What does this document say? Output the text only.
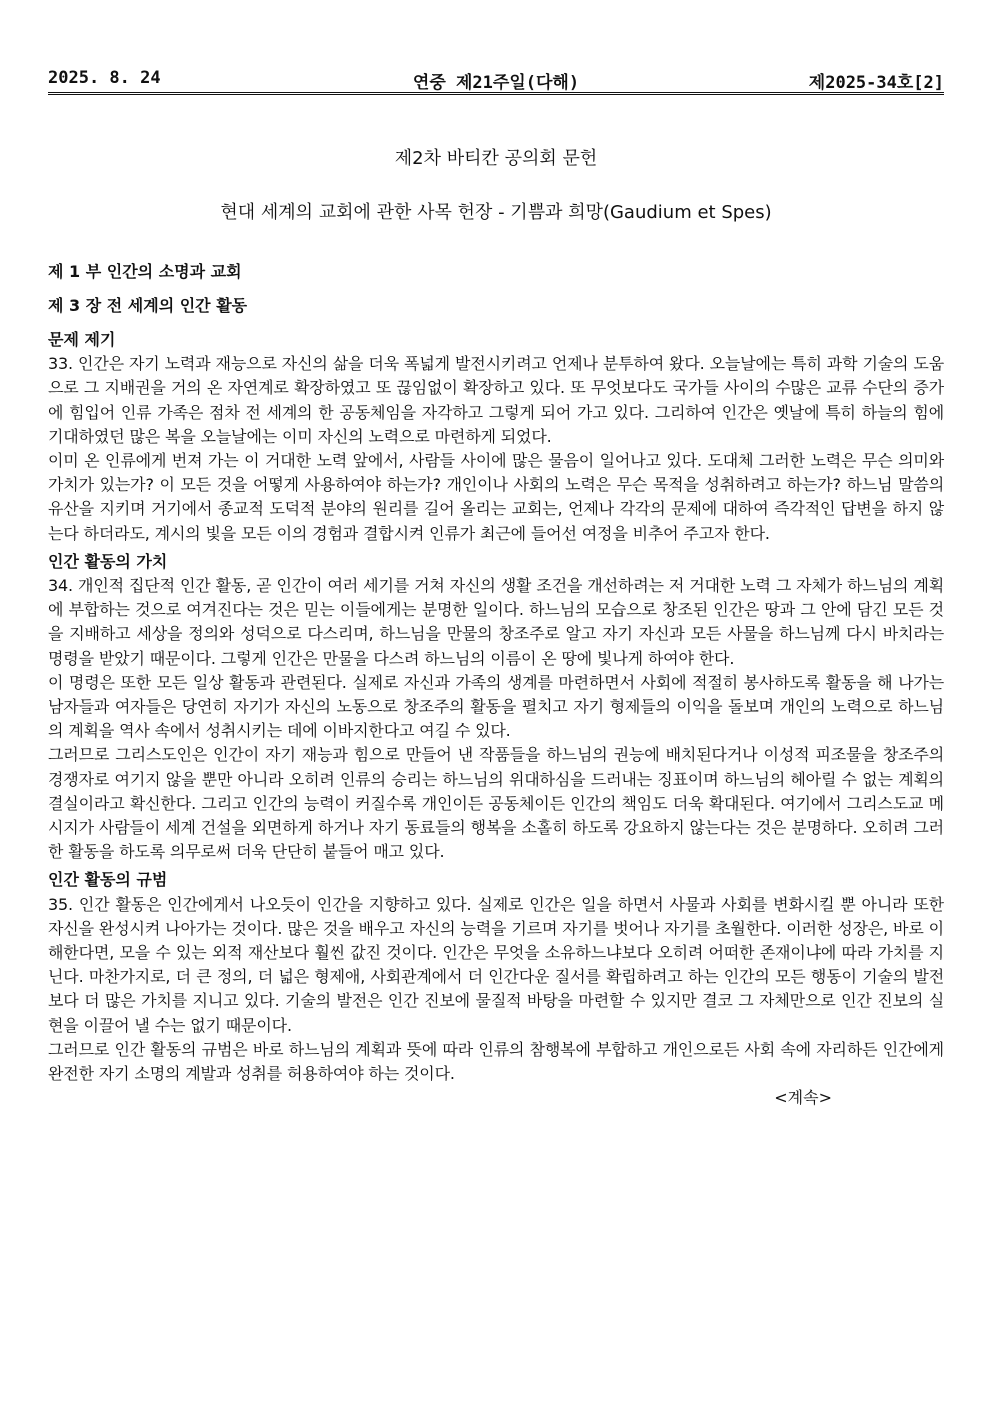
2025. 8. 24	연중 제21주일(다해)	제2025-34호[2]
제2차 바티칸 공의회 문헌
현대 세계의 교회에 관한 사목 헌장 - 기쁨과 희망(Gaudium et Spes)

제 1 부 인간의 소명과 교회

제 3 장 전 세계의 인간 활동

문제 제기

33. 인간은 자기 노력과 재능으로 자신의 삶을 더욱 폭넓게 발전시키려고 언제나 분투하여 왔다. 오늘날에는 특히 과학 기술의 도움으로 그 지배권을 거의 온 자연계로 확장하였고 또 끊임없이 확장하고 있다. 또 무엇보다도 국가들 사이의 수많은 교류 수단의 증가에 힘입어 인류 가족은 점차 전 세계의 한 공동체임을 자각하고 그렇게 되어 가고 있다. 그리하여 인간은 옛날에 특히 하늘의 힘에 기대하였던 많은 복을 오늘날에는 이미 자신의 노력으로 마련하게 되었다.

이미 온 인류에게 번져 가는 이 거대한 노력 앞에서, 사람들 사이에 많은 물음이 일어나고 있다. 도대체 그러한 노력은 무슨 의미와 가치가 있는가? 이 모든 것을 어떻게 사용하여야 하는가? 개인이나 사회의 노력은 무슨 목적을 성취하려고 하는가? 하느님 말씀의 유산을 지키며 거기에서 종교적 도덕적 분야의 원리를 길어 올리는 교회는, 언제나 각각의 문제에 대하여 즉각적인 답변을 하지 않는다 하더라도, 계시의 빛을 모든 이의 경험과 결합시켜 인류가 최근에 들어선 여정을 비추어 주고자 한다.

인간 활동의 가치

34. 개인적 집단적 인간 활동, 곧 인간이 여러 세기를 거쳐 자신의 생활 조건을 개선하려는 저 거대한 노력 그 자체가 하느님의 계획에 부합하는 것으로 여겨진다는 것은 믿는 이들에게는 분명한 일이다. 하느님의 모습으로 창조된 인간은 땅과 그 안에 담긴 모든 것을 지배하고 세상을 정의와 성덕으로 다스리며, 하느님을 만물의 창조주로 알고 자기 자신과 모든 사물을 하느님께 다시 바치라는 명령을 받았기 때문이다. 그렇게 인간은 만물을 다스려 하느님의 이름이 온 땅에 빛나게 하여야 한다.

이 명령은 또한 모든 일상 활동과 관련된다. 실제로 자신과 가족의 생계를 마련하면서 사회에 적절히 봉사하도록 활동을 해 나가는 남자들과 여자들은 당연히 자기가 자신의 노동으로 창조주의 활동을 펼치고 자기 형제들의 이익을 돌보며 개인의 노력으로 하느님의 계획을 역사 속에서 성취시키는 데에 이바지한다고 여길 수 있다.

그러므로 그리스도인은 인간이 자기 재능과 힘으로 만들어 낸 작품들을 하느님의 권능에 배치된다거나 이성적 피조물을 창조주의 경쟁자로 여기지 않을 뿐만 아니라 오히려 인류의 승리는 하느님의 위대하심을 드러내는 징표이며 하느님의 헤아릴 수 없는 계획의 결실이라고 확신한다. 그리고 인간의 능력이 커질수록 개인이든 공동체이든 인간의 책임도 더욱 확대된다. 여기에서 그리스도교 메시지가 사람들이 세계 건설을 외면하게 하거나 자기 동료들의 행복을 소홀히 하도록 강요하지 않는다는 것은 분명하다. 오히려 그러한 활동을 하도록 의무로써 더욱 단단히 붙들어 매고 있다.

인간 활동의 규범

35. 인간 활동은 인간에게서 나오듯이 인간을 지향하고 있다. 실제로 인간은 일을 하면서 사물과 사회를 변화시킬 뿐 아니라 또한 자신을 완성시켜 나아가는 것이다. 많은 것을 배우고 자신의 능력을 기르며 자기를 벗어나 자기를 초월한다. 이러한 성장은, 바로 이해한다면, 모을 수 있는 외적 재산보다 훨씬 값진 것이다. 인간은 무엇을 소유하느냐보다 오히려 어떠한 존재이냐에 따라 가치를 지닌다. 마찬가지로, 더 큰 정의, 더 넓은 형제애, 사회관계에서 더 인간다운 질서를 확립하려고 하는 인간의 모든 행동이 기술의 발전보다 더 많은 가치를 지니고 있다. 기술의 발전은 인간 진보에 물질적 바탕을 마련할 수 있지만 결코 그 자체만으로 인간 진보의 실현을 이끌어 낼 수는 없기 때문이다.

그러므로 인간 활동의 규범은 바로 하느님의 계획과 뜻에 따라 인류의 참행복에 부합하고 개인으로든 사회 속에 자리하든 인간에게 완전한 자기 소명의 계발과 성취를 허용하여야 하는 것이다.

<계속>
